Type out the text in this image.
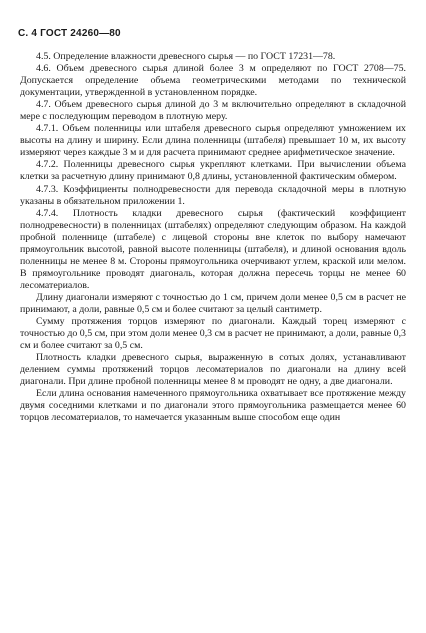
С. 4 ГОСТ 24260—80

4.5. Определение влажности древесного сырья — по ГОСТ 17231—78.

4.6. Объем древесного сырья длиной более 3 м определяют по ГОСТ 2708—75. Допускается определение объема геометрическими методами по технической документации, утвержденной в установленном порядке.

4.7. Объем древесного сырья длиной до 3 м включительно определяют в складочной мере с последующим переводом в плотную меру.

4.7.1. Объем поленницы или штабеля древесного сырья определяют умножением их высоты на длину и ширину. Если длина поленницы (штабеля) превышает 10 м, их высоту измеряют через каждые 3 м и для расчета принимают среднее арифметическое значение.

4.7.2. Поленницы древесного сырья укрепляют клетками. При вычислении объема клетки за расчетную длину принимают 0,8 длины, установленной фактическим обмером.

4.7.3. Коэффициенты полнодревесности для перевода складочной меры в плотную указаны в обязательном приложении 1.

4.7.4. Плотность кладки древесного сырья (фактический коэффициент полнодревесности) в поленницах (штабелях) определяют следующим образом. На каждой пробной поленнице (штабеле) с лицевой стороны вне клеток по выбору намечают прямоугольник высотой, равной высоте поленницы (штабеля), и длиной основания вдоль поленницы не менее 8 м. Стороны прямоугольника очерчивают углем, краской или мелом. В прямоугольнике проводят диагональ, которая должна пересечь торцы не менее 60 лесоматериалов.

Длину диагонали измеряют с точностью до 1 см, причем доли менее 0,5 см в расчет не принимают, а доли, равные 0,5 см и более считают за целый сантиметр.

Сумму протяжения торцов измеряют по диагонали. Каждый торец измеряют с точностью до 0,5 см, при этом доли менее 0,3 см в расчет не принимают, а доли, равные 0,3 см и более считают за 0,5 см.

Плотность кладки древесного сырья, выраженную в сотых долях, устанавливают делением суммы протяжений торцов лесоматериалов по диагонали на длину всей диагонали. При длине пробной поленницы менее 8 м проводят не одну, а две диагонали.

Если длина основания намеченного прямоугольника охватывает все протяжение между двумя соседними клетками и по диагонали этого прямоугольника размещается менее 60 торцов лесоматериалов, то намечается указанным выше способом еще один
